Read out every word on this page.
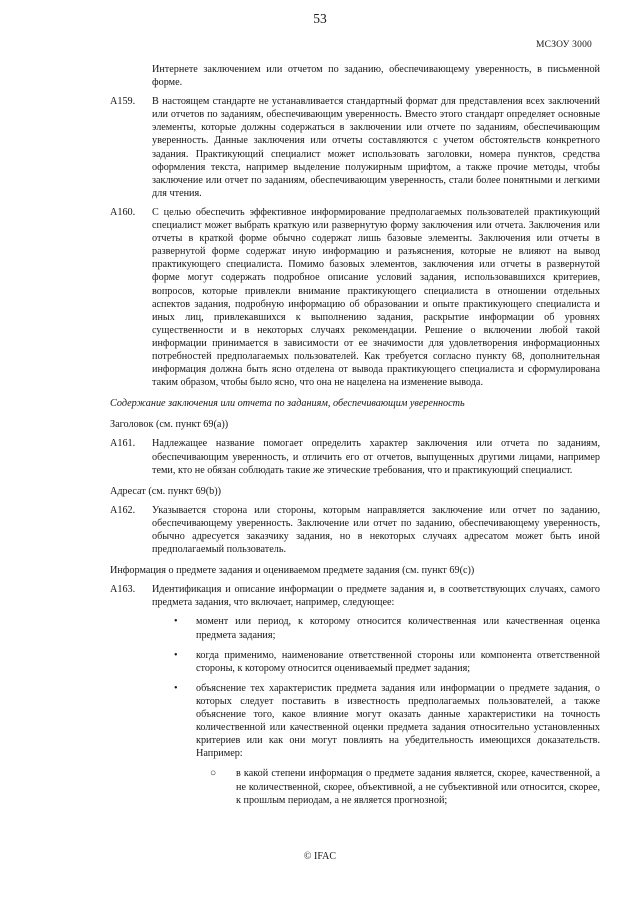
53
МСЗОУ 3000
Интернете заключением или отчетом по заданию, обеспечивающему уверенность, в письменной форме.
A159. В настоящем стандарте не устанавливается стандартный формат для представления всех заключений или отчетов по заданиям, обеспечивающим уверенность. Вместо этого стандарт определяет основные элементы, которые должны содержаться в заключении или отчете по заданиям, обеспечивающим уверенность. Данные заключения или отчеты составляются с учетом обстоятельств конкретного задания. Практикующий специалист может использовать заголовки, номера пунктов, средства оформления текста, например выделение полужирным шрифтом, а также прочие методы, чтобы заключение или отчет по заданиям, обеспечивающим уверенность, стали более понятными и легкими для чтения.
A160. С целью обеспечить эффективное информирование предполагаемых пользователей практикующий специалист может выбрать краткую или развернутую форму заключения или отчета. Заключения или отчеты в краткой форме обычно содержат лишь базовые элементы. Заключения или отчеты в развернутой форме содержат иную информацию и разъяснения, которые не влияют на вывод практикующего специалиста. Помимо базовых элементов, заключения или отчеты в развернутой форме могут содержать подробное описание условий задания, использовавшихся критериев, вопросов, которые привлекли внимание практикующего специалиста в отношении отдельных аспектов задания, подробную информацию об образовании и опыте практикующего специалиста и иных лиц, привлекавшихся к выполнению задания, раскрытие информации об уровнях существенности и в некоторых случаях рекомендации. Решение о включении любой такой информации принимается в зависимости от ее значимости для удовлетворения информационных потребностей предполагаемых пользователей. Как требуется согласно пункту 68, дополнительная информация должна быть ясно отделена от вывода практикующего специалиста и сформулирована таким образом, чтобы было ясно, что она не нацелена на изменение вывода.
Содержание заключения или отчета по заданиям, обеспечивающим уверенность
Заголовок (см. пункт 69(a))
A161. Надлежащее название помогает определить характер заключения или отчета по заданиям, обеспечивающим уверенность, и отличить его от отчетов, выпущенных другими лицами, например теми, кто не обязан соблюдать такие же этические требования, что и практикующий специалист.
Адресат (см. пункт 69(b))
A162. Указывается сторона или стороны, которым направляется заключение или отчет по заданию, обеспечивающему уверенность. Заключение или отчет по заданию, обеспечивающему уверенность, обычно адресуется заказчику задания, но в некоторых случаях адресатом может быть иной предполагаемый пользователь.
Информация о предмете задания и оцениваемом предмете задания (см. пункт 69(c))
A163. Идентификация и описание информации о предмете задания и, в соответствующих случаях, самого предмета задания, что включает, например, следующее:
• момент или период, к которому относится количественная или качественная оценка предмета задания;
• когда применимо, наименование ответственной стороны или компонента ответственной стороны, к которому относится оцениваемый предмет задания;
• объяснение тех характеристик предмета задания или информации о предмете задания, о которых следует поставить в известность предполагаемых пользователей, а также объяснение того, какое влияние могут оказать данные характеристики на точность количественной или качественной оценки предмета задания относительно установленных критериев или как они могут повлиять на убедительность имеющихся доказательств. Например:
○ в какой степени информация о предмете задания является, скорее, качественной, а не количественной, скорее, объективной, а не субъективной или относится, скорее, к прошлым периодам, а не является прогнозной;
© IFAC
